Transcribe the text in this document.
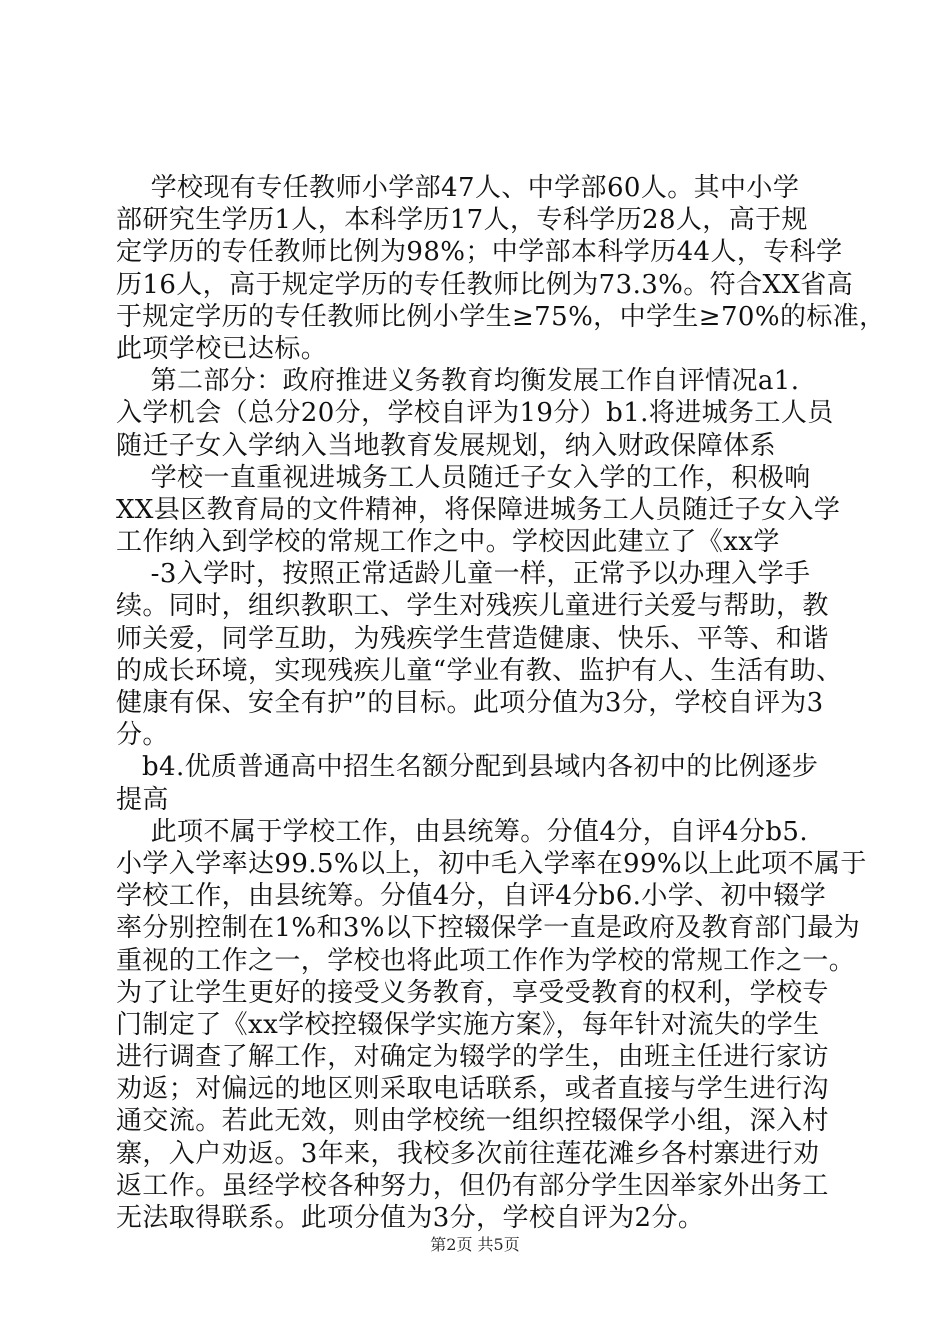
学校现有专任教师小学部47人、中学部60人。其中小学
部研究生学历1人，本科学历17人，专科学历28人，高于规
定学历的专任教师比例为98%；中学部本科学历44人，专科学
历16人，高于规定学历的专任教师比例为73.3%。符合XX省高
于规定学历的专任教师比例小学生≥75%，中学生≥70%的标准，
此项学校已达标。
第二部分：政府推进义务教育均衡发展工作自评情况a1.
入学机会（总分20分，学校自评为19分）b1.将进城务工人员
随迁子女入学纳入当地教育发展规划，纳入财政保障体系
学校一直重视进城务工人员随迁子女入学的工作，积极响
XX县区教育局的文件精神，将保障进城务工人员随迁子女入学
工作纳入到学校的常规工作之中。学校因此建立了《xx学
-3入学时，按照正常适龄儿童一样，正常予以办理入学手
续。同时，组织教职工、学生对残疾儿童进行关爱与帮助，教
师关爱，同学互助，为残疾学生营造健康、快乐、平等、和谐
的成长环境，实现残疾儿童“学业有教、监护有人、生活有助、
健康有保、安全有护”的目标。此项分值为3分，学校自评为3
分。
b4.优质普通高中招生名额分配到县域内各初中的比例逐步
提高
此项不属于学校工作，由县统筹。分值4分，自评4分b5.
小学入学率达99.5%以上，初中毛入学率在99%以上此项不属于
学校工作，由县统筹。分值4分，自评4分b6.小学、初中辍学
率分别控制在1%和3%以下控辍保学一直是政府及教育部门最为
重视的工作之一，学校也将此项工作作为学校的常规工作之一。
为了让学生更好的接受义务教育，享受受教育的权利，学校专
门制定了《xx学校控辍保学实施方案》，每年针对流失的学生
进行调查了解工作，对确定为辍学的学生，由班主任进行家访
劝返；对偏远的地区则采取电话联系，或者直接与学生进行沟
通交流。若此无效，则由学校统一组织控辍保学小组，深入村
寨，入户劝返。3年来，我校多次前往莲花滩乡各村寨进行劝
返工作。虽经学校各种努力，但仍有部分学生因举家外出务工
无法取得联系。此项分值为3分，学校自评为2分。
第2页 共5页
